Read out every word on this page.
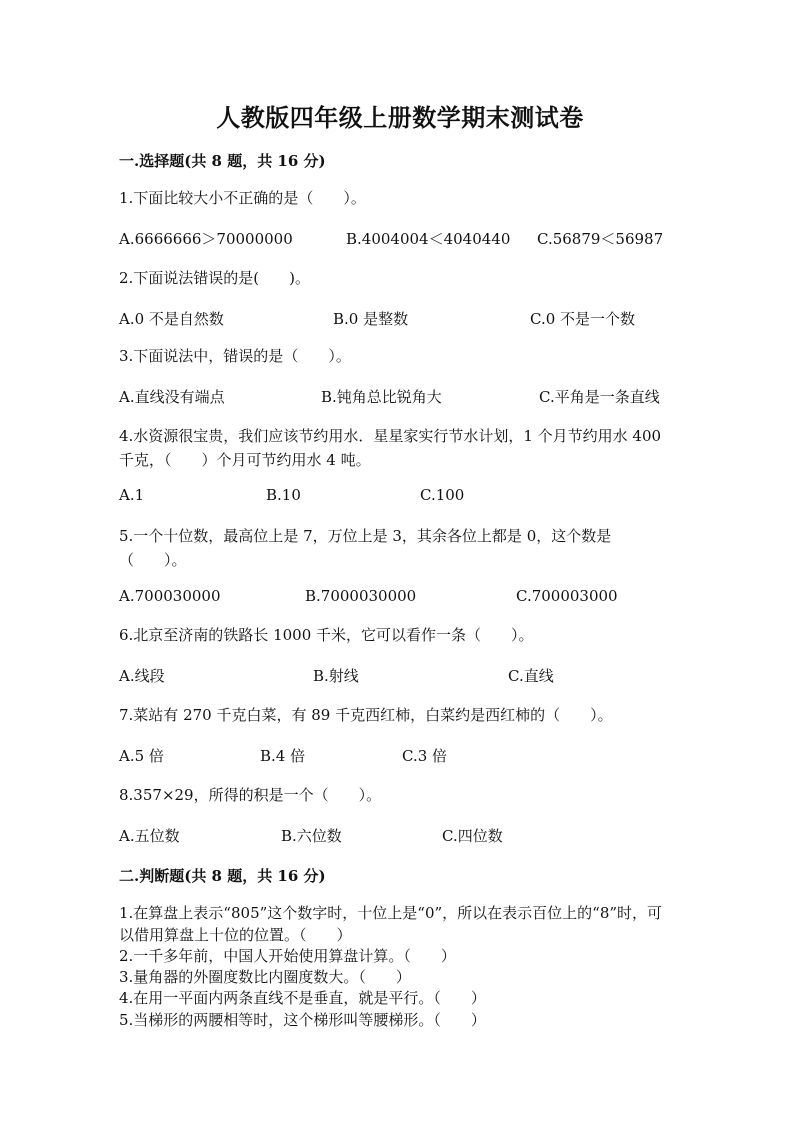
人教版四年级上册数学期末测试卷
一.选择题(共 8 题，共 16 分)
1.下面比较大小不正确的是（　　）。
A.6666666＞70000000	B.4004004＜4040440 C.56879＜56987
2.下面说法错误的是(　　)。
A.0 不是自然数	B.0 是整数	C.0 不是一个数
3.下面说法中，错误的是（　　）。
A.直线没有端点	B.钝角总比锐角大	C.平角是一条直线
4.水资源很宝贵，我们应该节约用水．星星家实行节水计划，1 个月节约用水 400 千克，（　　）个月可节约用水 4 吨。
A.1	B.10	C.100
5.一个十位数，最高位上是 7，万位上是 3，其余各位上都是 0，这个数是（　　）。
A.700030000	B.7000030000	C.700003000
6.北京至济南的铁路长 1000 千米，它可以看作一条（　　）。
A.线段	B.射线	C.直线
7.菜站有 270 千克白菜，有 89 千克西红柿，白菜约是西红柿的（　　）。
A.5 倍	B.4 倍	C.3 倍
8.357×29，所得的积是一个（　　）。
A.五位数	B.六位数	C.四位数
二.判断题(共 8 题，共 16 分)
1.在算盘上表示“805”这个数字时，十位上是“0”，所以在表示百位上的“8”时，可以借用算盘上十位的位置。（　　）
2.一千多年前，中国人开始使用算盘计算。（　　）
3.量角器的外圈度数比内圈度数大。（　　）
4.在用一平面内两条直线不是垂直，就是平行。（　　）
5.当梯形的两腰相等时，这个梯形叫等腰梯形。（　　）
